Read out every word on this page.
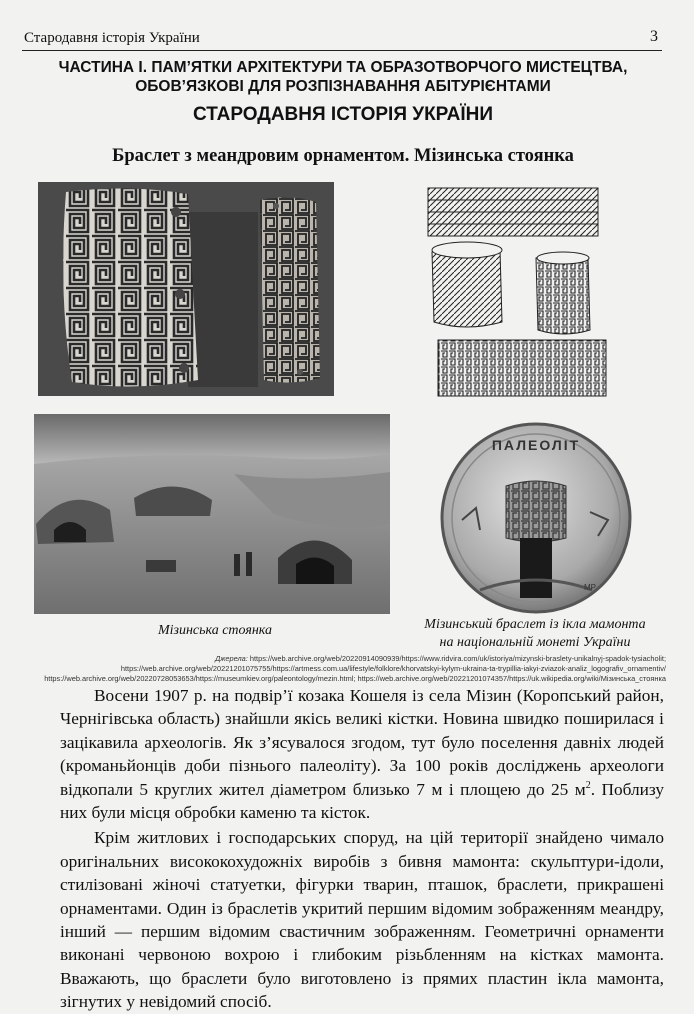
Стародавня історія України	3
ЧАСТИНА І. ПАМ’ЯТКИ АРХІТЕКТУРИ ТА ОБРАЗОТВОРЧОГО МИСТЕЦТВА,
ОБОВ’ЯЗКОВІ ДЛЯ РОЗПІЗНАВАННЯ АБІТУРІЄНТАМИ
СТАРОДАВНЯ ІСТОРІЯ УКРАЇНИ
Браслет з меандровим орнаментом. Мізинська стоянка
ПАЛЕОЛІТ
МР
Мізинська стоянка	Мізинський браслет із ікла мамонта
на національній монеті України
Джерела: https://web.archive.org/web/20220914090939/https://www.ridvira.com/uk/istoriya/mizynski-braslety-unikalnyj-spadok-tysiacholit;
https://web.archive.org/web/20221201075755/https://artmess.com.ua/lifestyle/folklore/khorvatskyi-kylym-ukraina-ta-trypillia-iakyi-zviazok-analiz_logografiv_ornamentiv/
https://web.archive.org/web/20220728053653/https://museumkiev.org/paleontology/mezin.html; https://web.archive.org/web/20221201074357/https://uk.wikipedia.org/wiki/Мізинська_стоянка

Восени 1907 р. на подвір’ї козака Кошеля із села Мізин (Коропський район, Чернігівська область) знайшли якісь великі кістки. Новина швидко поширилася і зацікавила археологів. Як з’ясувалося згодом, тут було поселення давніх людей (кроманьйонців доби пізнього палеоліту). За 100 років досліджень археологи відкопали 5 круглих жител діаметром близько 7 м і площею до 25 $м^2$. Поблизу них були місця обробки каменю та кісток.

Крім житлових і господарських споруд, на цій території знайдено чимало оригінальних висококохудожніх виробів з бивня мамонта: скульптури-ідоли, стилізовані жіночі статуетки, фігурки тварин, пташок, браслети, прикрашені орнаментами. Один із браслетів укритий першим відомим зображенням меандру, інший — першим відомим свастичним зображенням. Геометричні орнаменти виконані червоною вохрою і глибоким різьбленням на кістках мамонта. Вважають, що браслети було виготовлено із прямих пластин ікла мамонта, зігнутих у невідомий спосіб.
